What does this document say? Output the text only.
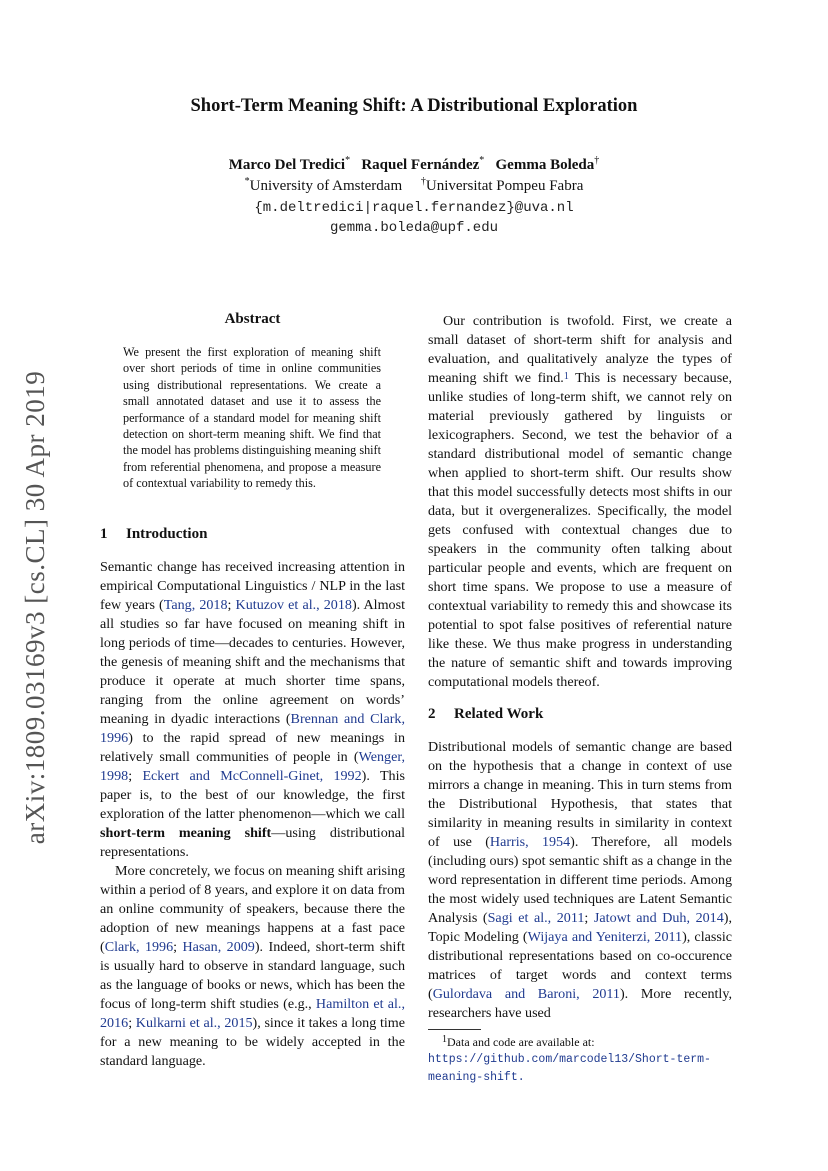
arXiv:1809.03169v3 [cs.CL] 30 Apr 2019
Short-Term Meaning Shift: A Distributional Exploration
Marco Del Tredici* Raquel Fernández* Gemma Boleda†
*University of Amsterdam †Universitat Pompeu Fabra
{m.deltredici|raquel.fernandez}@uva.nl
gemma.boleda@upf.edu
Abstract
We present the first exploration of meaning shift over short periods of time in online communities using distributional representations. We create a small annotated dataset and use it to assess the performance of a standard model for meaning shift detection on short-term meaning shift. We find that the model has problems distinguishing meaning shift from referential phenomena, and propose a measure of contextual variability to remedy this.
1 Introduction

Semantic change has received increasing attention in empirical Computational Linguistics / NLP in the last few years (Tang, 2018; Kutuzov et al., 2018). Almost all studies so far have focused on meaning shift in long periods of time—decades to centuries. However, the genesis of meaning shift and the mechanisms that produce it operate at much shorter time spans, ranging from the online agreement on words’ meaning in dyadic interactions (Brennan and Clark, 1996) to the rapid spread of new meanings in relatively small communities of people in (Wenger, 1998; Eckert and McConnell-Ginet, 1992). This paper is, to the best of our knowledge, the first exploration of the latter phenomenon—which we call short-term meaning shift—using distributional representations.

More concretely, we focus on meaning shift arising within a period of 8 years, and explore it on data from an online community of speakers, because there the adoption of new meanings happens at a fast pace (Clark, 1996; Hasan, 2009). Indeed, short-term shift is usually hard to observe in standard language, such as the language of books or news, which has been the focus of long-term shift studies (e.g., Hamilton et al., 2016; Kulkarni et al., 2015), since it takes a long time for a new meaning to be widely accepted in the standard language.

Our contribution is twofold. First, we create a small dataset of short-term shift for analysis and evaluation, and qualitatively analyze the types of meaning shift we find.$^1$ This is necessary because, unlike studies of long-term shift, we cannot rely on material previously gathered by linguists or lexicographers. Second, we test the behavior of a standard distributional model of semantic change when applied to short-term shift. Our results show that this model successfully detects most shifts in our data, but it overgeneralizes. Specifically, the model gets confused with contextual changes due to speakers in the community often talking about particular people and events, which are frequent on short time spans. We propose to use a measure of contextual variability to remedy this and showcase its potential to spot false positives of referential nature like these. We thus make progress in understanding the nature of semantic shift and towards improving computational models thereof.

2 Related Work

Distributional models of semantic change are based on the hypothesis that a change in context of use mirrors a change in meaning. This in turn stems from the Distributional Hypothesis, that states that similarity in meaning results in similarity in context of use (Harris, 1954). Therefore, all models (including ours) spot semantic shift as a change in the word representation in different time periods. Among the most widely used techniques are Latent Semantic Analysis (Sagi et al., 2011; Jatowt and Duh, 2014), Topic Modeling (Wijaya and Yeniterzi, 2011), classic distributional representations based on co-occurence matrices of target words and context terms (Gulordava and Baroni, 2011). More recently, researchers have used

$^1$Data and code are available at: https://github.com/marcodel13/Short-term-meaning-shift.
